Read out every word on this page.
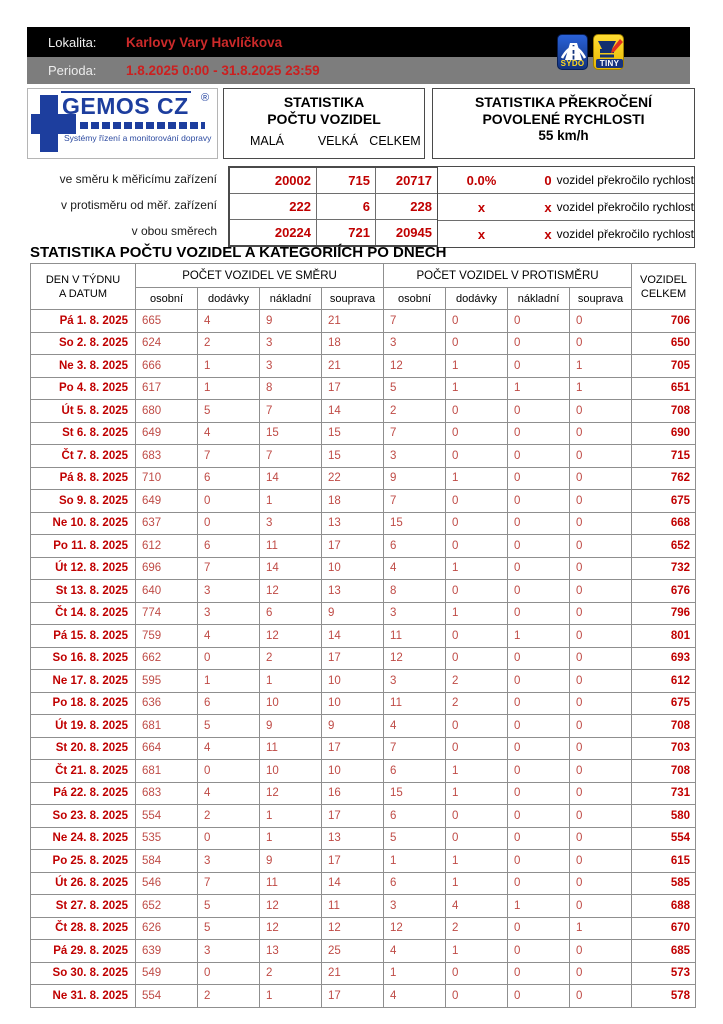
Lokalita:	Karlovy Vary Havlíčkova
Perioda:	1.8.2025 0:00 - 31.8.2025 23:59	SYDO	TINY
GEMOS CZ ®
Systémy řízení a monitorování dopravy
STATISTIKA
POČTU VOZIDEL
MALÁ	VELKÁ CELKEM
STATISTIKA PŘEKROČENÍ
POVOLENÉ RYCHLOSTI
55 km/h
ve směru k měřicímu zařízení
v protisměru od měř. zařízení
v obou směrech
20002	715	20717
222	6	228
20224	721	20945
0.0%	0 vozidel překročilo rychlost
x	x vozidel překročilo rychlost
x	x vozidel překročilo rychlost
STATISTIKA POČTU VOZIDEL A KATEGORIÍCH PO DNECH
DEN V TÝDNU
A DATUM
	POČET VOZIDEL VE SMĚRU	POČET VOZIDEL V PROTISMĚRU	VOZIDEL
CELKEM

	osobní	dodávky	nákladní	souprava	osobní	dodávky	nákladní	souprava	
Pá 1. 8. 2025	665	4	9	21	7	0	0	0	706
So 2. 8. 2025	624	2	3	18	3	0	0	0	650
Ne 3. 8. 2025	666	1	3	21	12	1	0	1	705
Po 4. 8. 2025	617	1	8	17	5	1	1	1	651
Út 5. 8. 2025	680	5	7	14	2	0	0	0	708
St 6. 8. 2025	649	4	15	15	7	0	0	0	690
Čt 7. 8. 2025	683	7	7	15	3	0	0	0	715
Pá 8. 8. 2025	710	6	14	22	9	1	0	0	762
So 9. 8. 2025	649	0	1	18	7	0	0	0	675
Ne 10. 8. 2025	637	0	3	13	15	0	0	0	668
Po 11. 8. 2025	612	6	11	17	6	0	0	0	652
Út 12. 8. 2025	696	7	14	10	4	1	0	0	732
St 13. 8. 2025	640	3	12	13	8	0	0	0	676
Čt 14. 8. 2025	774	3	6	9	3	1	0	0	796
Pá 15. 8. 2025	759	4	12	14	11	0	1	0	801
So 16. 8. 2025	662	0	2	17	12	0	0	0	693
Ne 17. 8. 2025	595	1	1	10	3	2	0	0	612
Po 18. 8. 2025	636	6	10	10	11	2	0	0	675
Út 19. 8. 2025	681	5	9	9	4	0	0	0	708
St 20. 8. 2025	664	4	11	17	7	0	0	0	703
Čt 21. 8. 2025	681	0	10	10	6	1	0	0	708
Pá 22. 8. 2025	683	4	12	16	15	1	0	0	731
So 23. 8. 2025	554	2	1	17	6	0	0	0	580
Ne 24. 8. 2025	535	0	1	13	5	0	0	0	554
Po 25. 8. 2025	584	3	9	17	1	1	0	0	615
Út 26. 8. 2025	546	7	11	14	6	1	0	0	585
St 27. 8. 2025	652	5	12	11	3	4	1	0	688
Čt 28. 8. 2025	626	5	12	12	12	2	0	1	670
Pá 29. 8. 2025	639	3	13	25	4	1	0	0	685
So 30. 8. 2025	549	0	2	21	1	0	0	0	573
Ne 31. 8. 2025	554	2	1	17	4	0	0	0	578
